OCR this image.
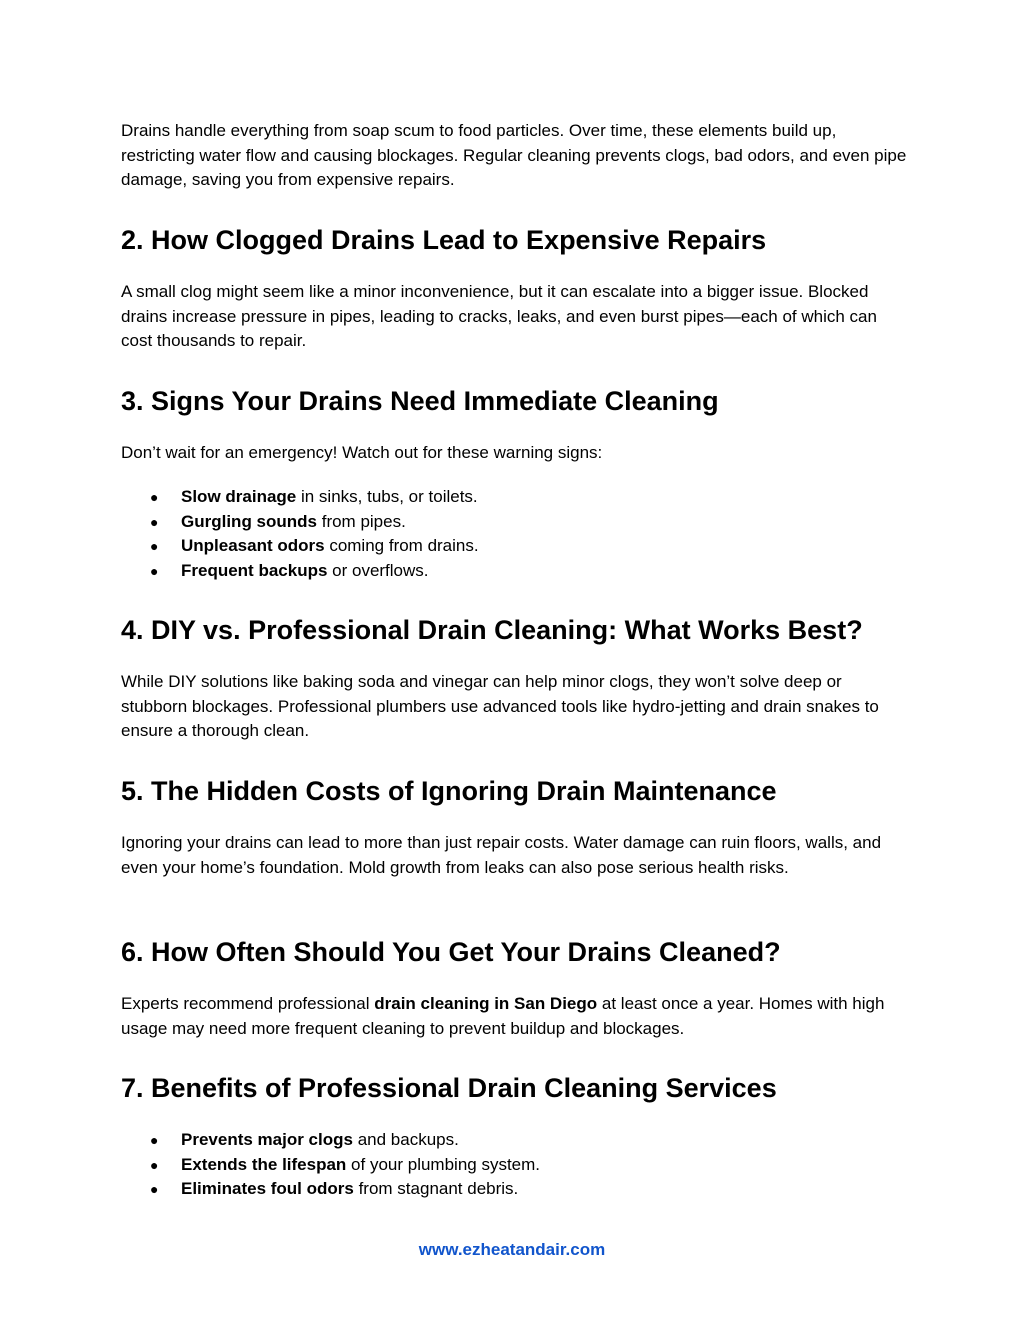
Drains handle everything from soap scum to food particles. Over time, these elements build up, restricting water flow and causing blockages. Regular cleaning prevents clogs, bad odors, and even pipe damage, saving you from expensive repairs.

2. How Clogged Drains Lead to Expensive Repairs

A small clog might seem like a minor inconvenience, but it can escalate into a bigger issue. Blocked drains increase pressure in pipes, leading to cracks, leaks, and even burst pipes—each of which can cost thousands to repair.

3. Signs Your Drains Need Immediate Cleaning

Don’t wait for an emergency! Watch out for these warning signs:

● Slow drainage in sinks, tubs, or toilets.
● Gurgling sounds from pipes.
● Unpleasant odors coming from drains.
● Frequent backups or overflows.
4. DIY vs. Professional Drain Cleaning: What Works Best?

While DIY solutions like baking soda and vinegar can help minor clogs, they won’t solve deep or stubborn blockages. Professional plumbers use advanced tools like hydro-jetting and drain snakes to ensure a thorough clean.

5. The Hidden Costs of Ignoring Drain Maintenance

Ignoring your drains can lead to more than just repair costs. Water damage can ruin floors, walls, and even your home’s foundation. Mold growth from leaks can also pose serious health risks.

6. How Often Should You Get Your Drains Cleaned?

Experts recommend professional drain cleaning in San Diego at least once a year. Homes with high usage may need more frequent cleaning to prevent buildup and blockages.

7. Benefits of Professional Drain Cleaning Services
● Prevents major clogs and backups.
● Extends the lifespan of your plumbing system.
● Eliminates foul odors from stagnant debris.
www.ezheatandair.com
